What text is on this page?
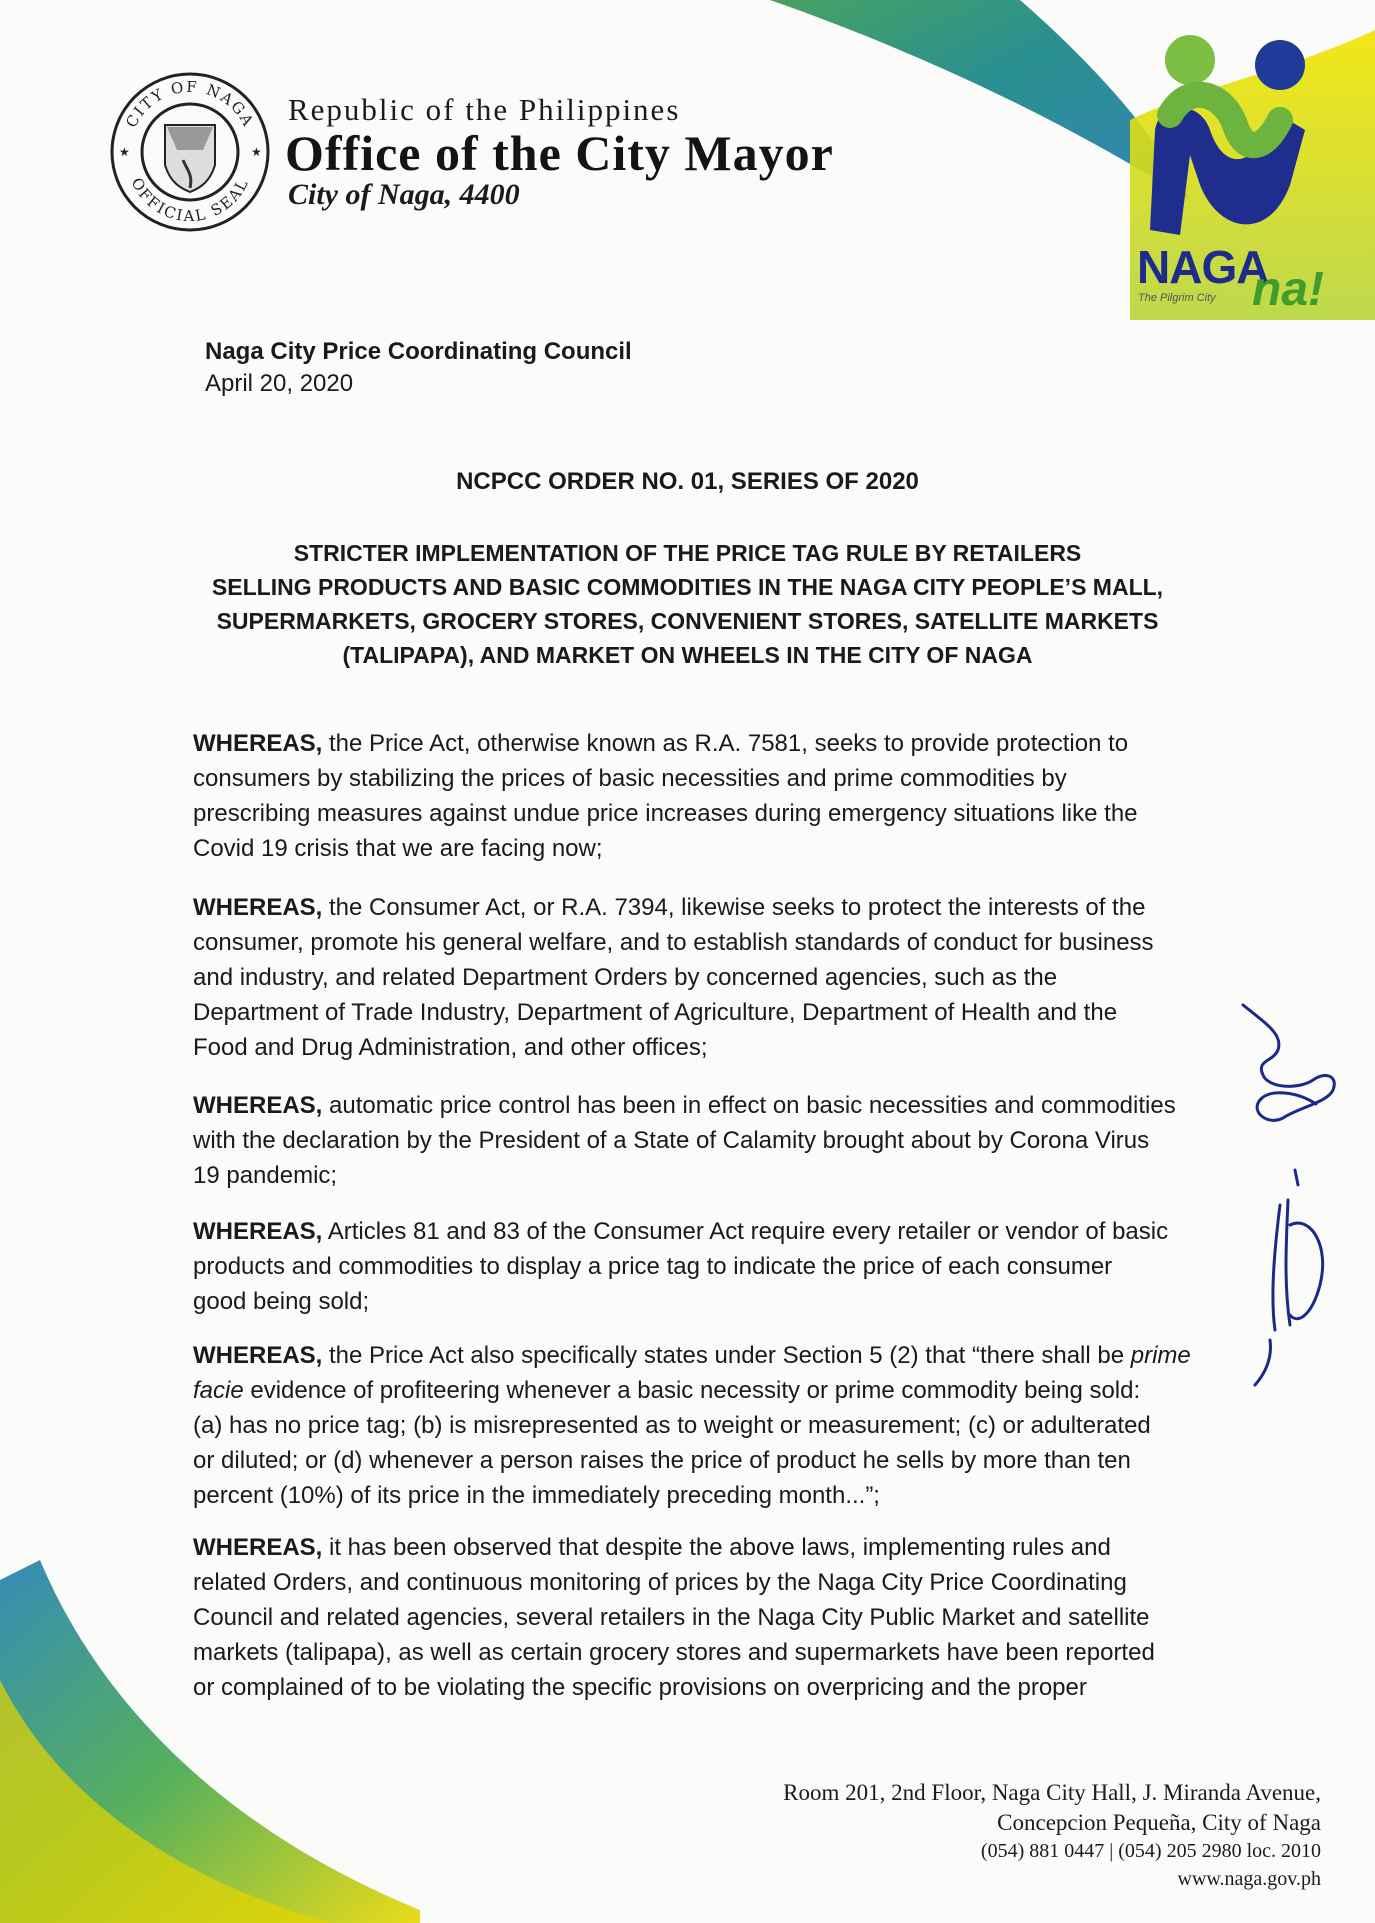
NAGA
The Pilgrim City na!
CITY OF NAGA
OFFICIAL SEAL
★	★
Republic of the Philippines
Office of the City Mayor
City of Naga, 4400
Naga City Price Coordinating Council
April 20, 2020
NCPCC ORDER NO. 01, SERIES OF 2020
STRICTER IMPLEMENTATION OF THE PRICE TAG RULE BY RETAILERS
SELLING PRODUCTS AND BASIC COMMODITIES IN THE NAGA CITY PEOPLE’S MALL,
SUPERMARKETS, GROCERY STORES, CONVENIENT STORES, SATELLITE MARKETS
(TALIPAPA), AND MARKET ON WHEELS IN THE CITY OF NAGA
WHEREAS, the Price Act, otherwise known as R.A. 7581, seeks to provide protection to
consumers by stabilizing the prices of basic necessities and prime commodities by
prescribing measures against undue price increases during emergency situations like the
Covid 19 crisis that we are facing now;
WHEREAS, the Consumer Act, or R.A. 7394, likewise seeks to protect the interests of the
consumer, promote his general welfare, and to establish standards of conduct for business
and industry, and related Department Orders by concerned agencies, such as the
Department of Trade Industry, Department of Agriculture, Department of Health and the
Food and Drug Administration, and other offices;
WHEREAS, automatic price control has been in effect on basic necessities and commodities
with the declaration by the President of a State of Calamity brought about by Corona Virus
19 pandemic;
WHEREAS, Articles 81 and 83 of the Consumer Act require every retailer or vendor of basic
products and commodities to display a price tag to indicate the price of each consumer
good being sold;
WHEREAS, the Price Act also specifically states under Section 5 (2) that “there shall be prime
facie evidence of profiteering whenever a basic necessity or prime commodity being sold:
(a) has no price tag; (b) is misrepresented as to weight or measurement; (c) or adulterated
or diluted; or (d) whenever a person raises the price of product he sells by more than ten
percent (10%) of its price in the immediately preceding month...”;
WHEREAS, it has been observed that despite the above laws, implementing rules and
related Orders, and continuous monitoring of prices by the Naga City Price Coordinating
Council and related agencies, several retailers in the Naga City Public Market and satellite
markets (talipapa), as well as certain grocery stores and supermarkets have been reported
or complained of to be violating the specific provisions on overpricing and the proper
Room 201, 2nd Floor, Naga City Hall, J. Miranda Avenue,
Concepcion Pequeña, City of Naga
(054) 881 0447 | (054) 205 2980 loc. 2010
www.naga.gov.ph
